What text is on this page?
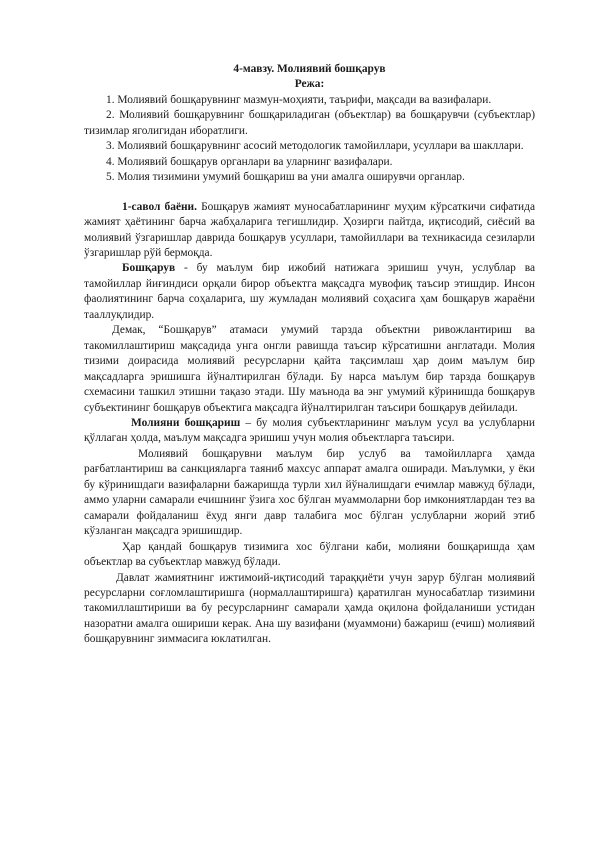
4-мавзу. Молиявий бошқарув
Режа:
1. Молиявий бошқарувнинг мазмун-моҳияти, таърифи, мақсади ва вазифалари.
2. Молиявий бошқарувнинг бошқариладиган (объектлар) ва бошқарувчи (субъектлар) тизимлар яголигидан иборатлиги.
3. Молиявий бошқарувнинг асосий методологик тамойиллари, усуллари ва шакллари.
4. Молиявий бошқарув органлари ва уларнинг вазифалари.
5. Молия тизимини умумий бошқариш ва уни амалга оширувчи органлар.

1-савол баёни. Бошқарув жамият муносабатларининг муҳим кўрсаткичи сифатида жамият ҳаётининг барча жабҳаларига тегишлидир. Ҳозирги пайтда, иқтисодий, сиёсий ва молиявий ўзгаришлар даврида бошқарув усуллари, тамойиллари ва техникасида сезиларли ўзгаришлар рўй бермоқда.

Бошқарув - бу маълум бир ижобий натижага эришиш учун, услублар ва тамойиллар йиғиндиси орқали бирор объектга мақсадга мувофиқ таъсир этишдир. Инсон фаолиятининг барча соҳаларига, шу жумладан молиявий соҳасига ҳам бошқарув жараёни тааллуқлидир.

Демак, “Бошқарув” атамаси умумий тарзда объектни ривожлантириш ва такомиллаштириш мақсадида унга онгли равишда таъсир кўрсатишни англатади. Молия тизими доирасида молиявий ресурсларни қайта тақсимлаш ҳар доим маълум бир мақсадларга эришишга йўналтирилган бўлади. Бу нарса маълум бир тарзда бошқарув схемасини ташкил этишни тақазо этади. Шу маънода ва энг умумий кўринишда бошқарув субъектининг бошқарув объектига мақсадга йўналтирилган таъсири бошқарув дейилади.

Молияни бошқариш – бу молия субъектларининг маълум усул ва услубларни қўллаган ҳолда, маълум мақсадга эришиш учун молия объектларга таъсири.

Молиявий бошқарувни маълум бир услуб ва тамойилларга ҳамда рағбатлантириш ва санкцияларга таяниб махсус аппарат амалга оширади. Маълумки, у ёки бу кўринишдаги вазифаларни бажаришда турли хил йўналишдаги ечимлар мавжуд бўлади, аммо уларни самарали ечишнинг ўзига хос бўлган муаммоларни бор имкониятлардан тез ва самарали фойдаланиш ёхуд янги давр талабига мос бўлган услубларни жорий этиб кўзланган мақсадга эришишдир.

Ҳар қандай бошқарув тизимига хос бўлгани каби, молияни бошқаришда ҳам объектлар ва субъектлар мавжуд бўлади.

Давлат жамиятнинг ижтимоий-иқтисодий тараққиёти учун зарур бўлган молиявий ресурсларни соғломлаштиришга (нормаллаштиришга) қаратилган муносабатлар тизимини такомиллаштириши ва бу ресурсларнинг самарали ҳамда оқилона фойдаланиши устидан назоратни амалга ошириши керак. Ана шу вазифани (муаммони) бажариш (ечиш) молиявий бошқарувнинг зиммасига юклатилган.
